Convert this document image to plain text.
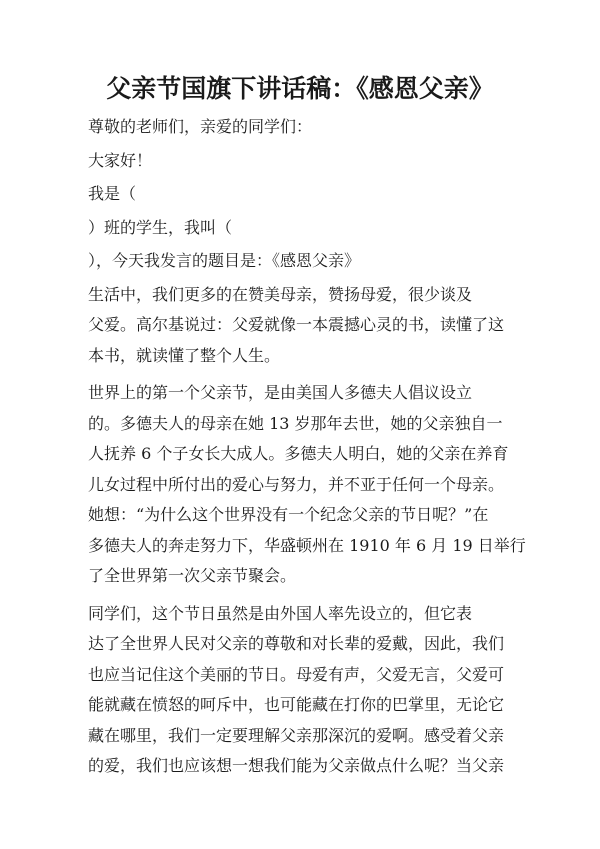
父亲节国旗下讲话稿：《感恩父亲》

尊敬的老师们，亲爱的同学们：

大家好！

我是（

）班的学生，我叫（

），今天我发言的题目是：《感恩父亲》

生活中，我们更多的在赞美母亲，赞扬母爱，很少谈及

父爱。高尔基说过：父爱就像一本震撼心灵的书，读懂了这

本书，就读懂了整个人生。

世界上的第一个父亲节，是由美国人多德夫人倡议设立

的。多德夫人的母亲在她 13 岁那年去世，她的父亲独自一

人抚养 6 个子女长大成人。多德夫人明白，她的父亲在养育

儿女过程中所付出的爱心与努力，并不亚于任何一个母亲。

她想：“为什么这个世界没有一个纪念父亲的节日呢？”在

多德夫人的奔走努力下，华盛顿州在 1910 年 6 月 19 日举行

了全世界第一次父亲节聚会。

同学们，这个节日虽然是由外国人率先设立的，但它表

达了全世界人民对父亲的尊敬和对长辈的爱戴，因此，我们

也应当记住这个美丽的节日。母爱有声，父爱无言，父爱可

能就藏在愤怒的呵斥中，也可能藏在打你的巴掌里，无论它

藏在哪里，我们一定要理解父亲那深沉的爱啊。感受着父亲

的爱，我们也应该想一想我们能为父亲做点什么呢？当父亲
